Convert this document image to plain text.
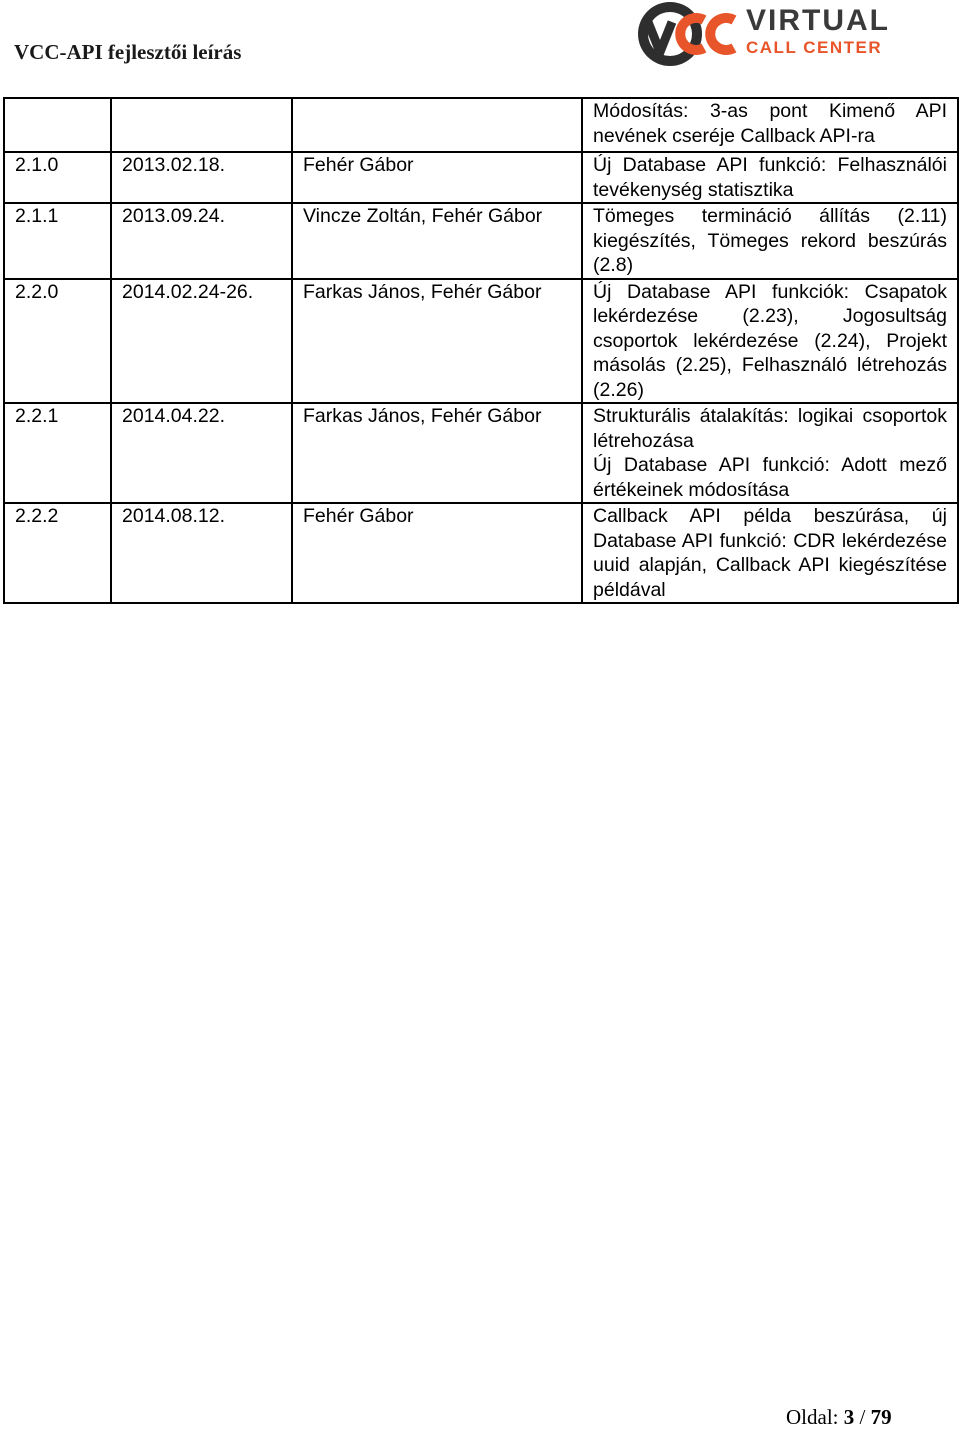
VCC-API fejlesztői leírás
VIRTUAL
CALL CENTER
			Módosítás: 3-as pont Kimenő API nevének cseréje Callback API-ra
2.1.0	2013.02.18.	Fehér Gábor	Új Database API funkció: Felhasználói tevékenység statisztika
2.1.1	2013.09.24.	Vincze Zoltán, Fehér Gábor	Tömeges termináció állítás (2.11) kiegészítés, Tömeges rekord beszúrás (2.8)
2.2.0	2014.02.24-26.	Farkas János, Fehér Gábor	Új Database API funkciók: Csapatok lekérdezése (2.23), Jogosultság csoportok lekérdezése (2.24), Projekt másolás (2.25), Felhasználó létrehozás (2.26)
2.2.1	2014.04.22.	Farkas János, Fehér Gábor	Strukturális átalakítás: logikai csoportok létrehozása
Új Database API funkció: Adott mező értékeinek módosítása

2.2.2	2014.08.12.	Fehér Gábor	Callback API példa beszúrása, új Database API funkció: CDR lekérdezése uuid alapján, Callback API kiegészítése példával
Oldal: 3 / 79
